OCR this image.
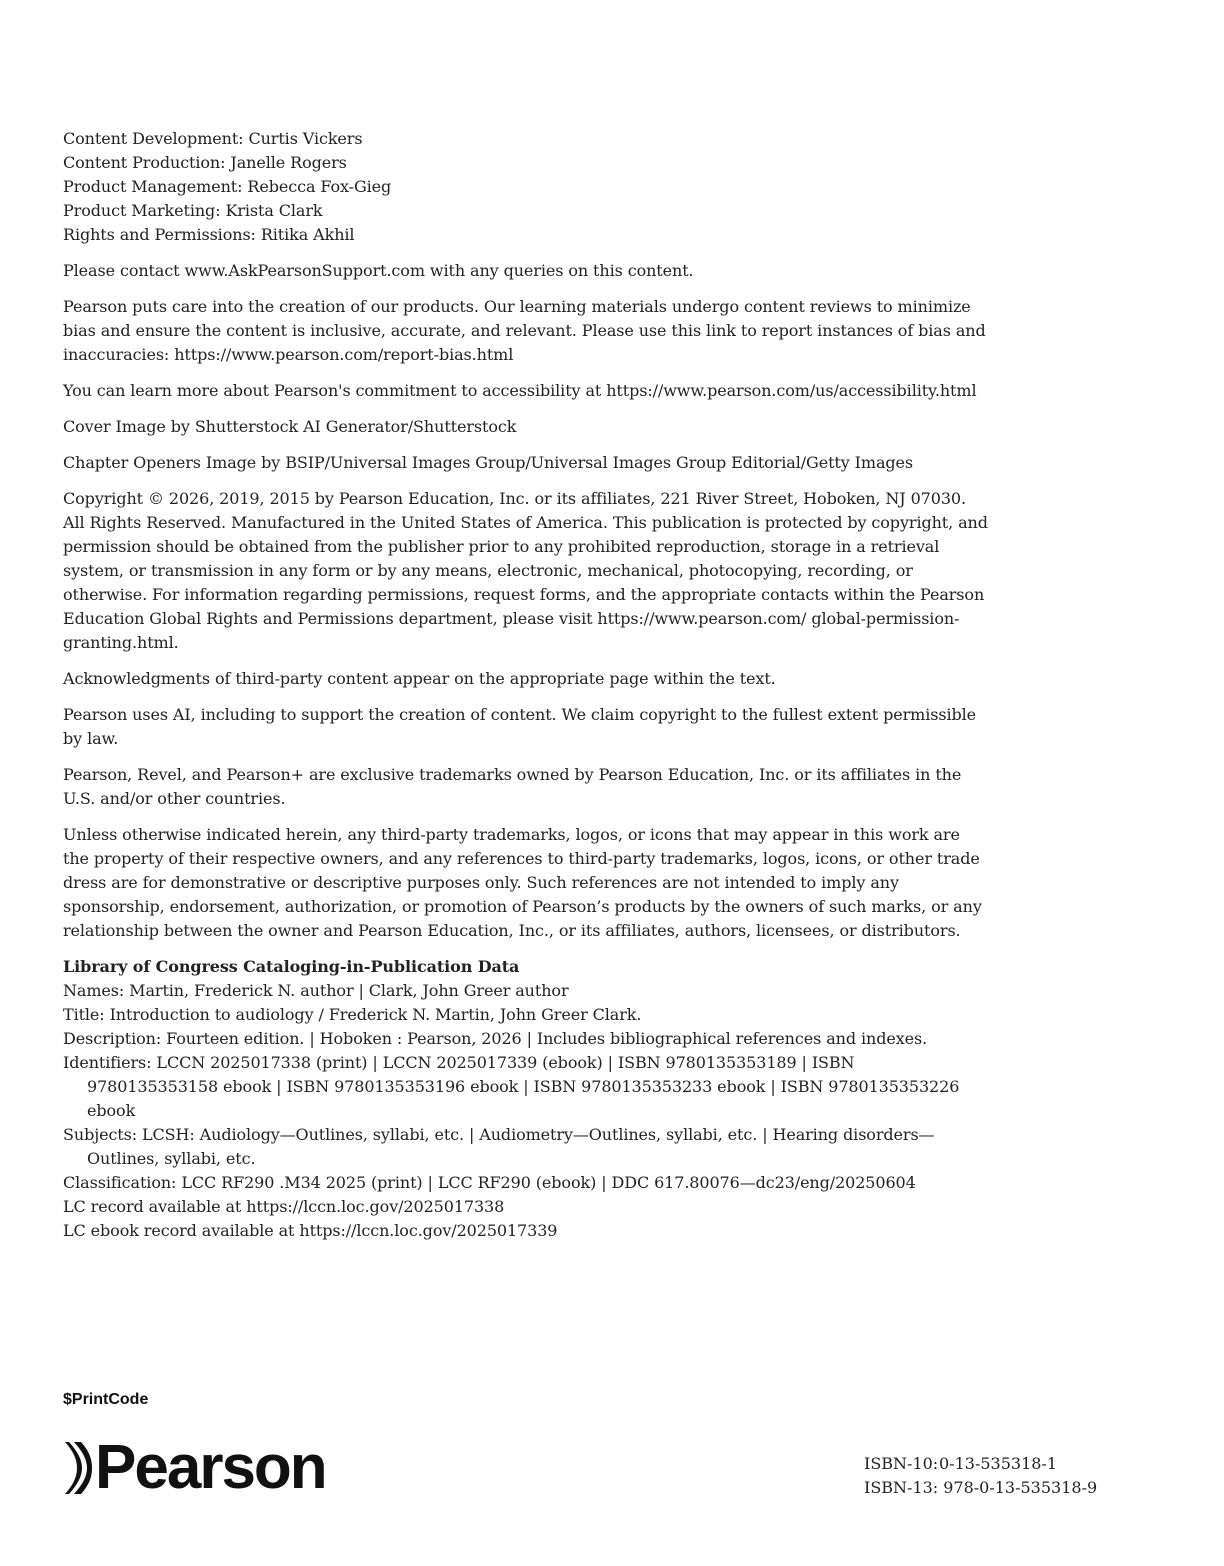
Content Development: Curtis Vickers
Content Production: Janelle Rogers
Product Management: Rebecca Fox-Gieg
Product Marketing: Krista Clark
Rights and Permissions: Ritika Akhil

Please contact www.AskPearsonSupport.com with any queries on this content.

Pearson puts care into the creation of our products. Our learning materials undergo content reviews to minimize bias and ensure the content is inclusive, accurate, and relevant. Please use this link to report instances of bias and inaccuracies: https://www.pearson.com/report-bias.html

You can learn more about Pearson's commitment to accessibility at https://www.pearson.com/us/accessibility.html

Cover Image by Shutterstock AI Generator/Shutterstock

Chapter Openers Image by BSIP/Universal Images Group/Universal Images Group Editorial/Getty Images

Copyright © 2026, 2019, 2015 by Pearson Education, Inc. or its affiliates, 221 River Street, Hoboken, NJ 07030. All Rights Reserved. Manufactured in the United States of America. This publication is protected by copyright, and permission should be obtained from the publisher prior to any prohibited reproduction, storage in a retrieval system, or transmission in any form or by any means, electronic, mechanical, photocopying, recording, or otherwise. For information regarding permissions, request forms, and the appropriate contacts within the Pearson Education Global Rights and Permissions department, please visit https://www.pearson.com/ global-permission-granting.html.

Acknowledgments of third-party content appear on the appropriate page within the text.

Pearson uses AI, including to support the creation of content. We claim copyright to the fullest extent permissible by law.

Pearson, Revel, and Pearson+ are exclusive trademarks owned by Pearson Education, Inc. or its affiliates in the U.S. and/or other countries.

Unless otherwise indicated herein, any third-party trademarks, logos, or icons that may appear in this work are the property of their respective owners, and any references to third-party trademarks, logos, icons, or other trade dress are for demonstrative or descriptive purposes only. Such references are not intended to imply any sponsorship, endorsement, authorization, or promotion of Pearson’s products by the owners of such marks, or any relationship between the owner and Pearson Education, Inc., or its affiliates, authors, licensees, or distributors.

Library of Congress Cataloging-in-Publication Data
Names: Martin, Frederick N. author | Clark, John Greer author
Title: Introduction to audiology / Frederick N. Martin, John Greer Clark.
Description: Fourteen edition. | Hoboken : Pearson, 2026 | Includes bibliographical references and indexes.
Identifiers: LCCN 2025017338 (print) | LCCN 2025017339 (ebook) | ISBN 9780135353189 | ISBN 9780135353158 ebook | ISBN 9780135353196 ebook | ISBN 9780135353233 ebook | ISBN 9780135353226 ebook
Subjects: LCSH: Audiology—Outlines, syllabi, etc. | Audiometry—Outlines, syllabi, etc. | Hearing disorders—Outlines, syllabi, etc.
Classification: LCC RF290 .M34 2025 (print) | LCC RF290 (ebook) | DDC 617.80076—dc23/eng/20250604
LC record available at https://lccn.loc.gov/2025017338
LC ebook record available at https://lccn.loc.gov/2025017339
$PrintCode
Pearson	ISBN-10: 0-13-535318-1
ISBN-13: 978-0-13-535318-9
